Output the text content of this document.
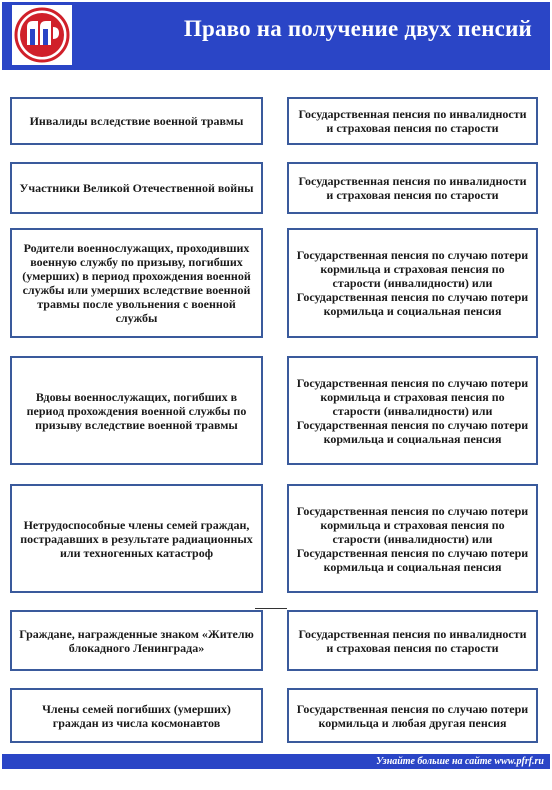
Право на получение двух пенсий
Инвалиды вследствие военной травмы	Государственная пенсия по инвалидности и страховая пенсия по старости
Участники Великой Отечественной войны	Государственная пенсия по инвалидности и страховая пенсия по старости
Родители военнослужащих, проходивших военную службу по призыву, погибших (умерших) в период прохождения военной службы или умерших вследствие военной травмы после увольнения с военной службы
Государственная пенсия по случаю потери кормильца и страховая пенсия по старости (инвалидности) или Государственная пенсия по случаю потери кормильца и социальная пенсия
Вдовы военнослужащих, погибших в период прохождения военной службы по призыву вследствие военной травмы
Государственная пенсия по случаю потери кормильца и страховая пенсия по старости (инвалидности) или Государственная пенсия по случаю потери кормильца и социальная пенсия
Нетрудоспособные члены семей граждан, пострадавших в результате радиационных или техногенных катастроф
Государственная пенсия по случаю потери кормильца и страховая пенсия по старости (инвалидности) или Государственная пенсия по случаю потери кормильца и социальная пенсия
Граждане, награжденные знаком «Жителю блокадного Ленинграда»
Государственная пенсия по инвалидности и страховая пенсия по старости
Члены семей погибших (умерших) граждан из числа космонавтов
Государственная пенсия по случаю потери кормильца и любая другая пенсия
Узнайте больше на сайте www.pfrf.ru
